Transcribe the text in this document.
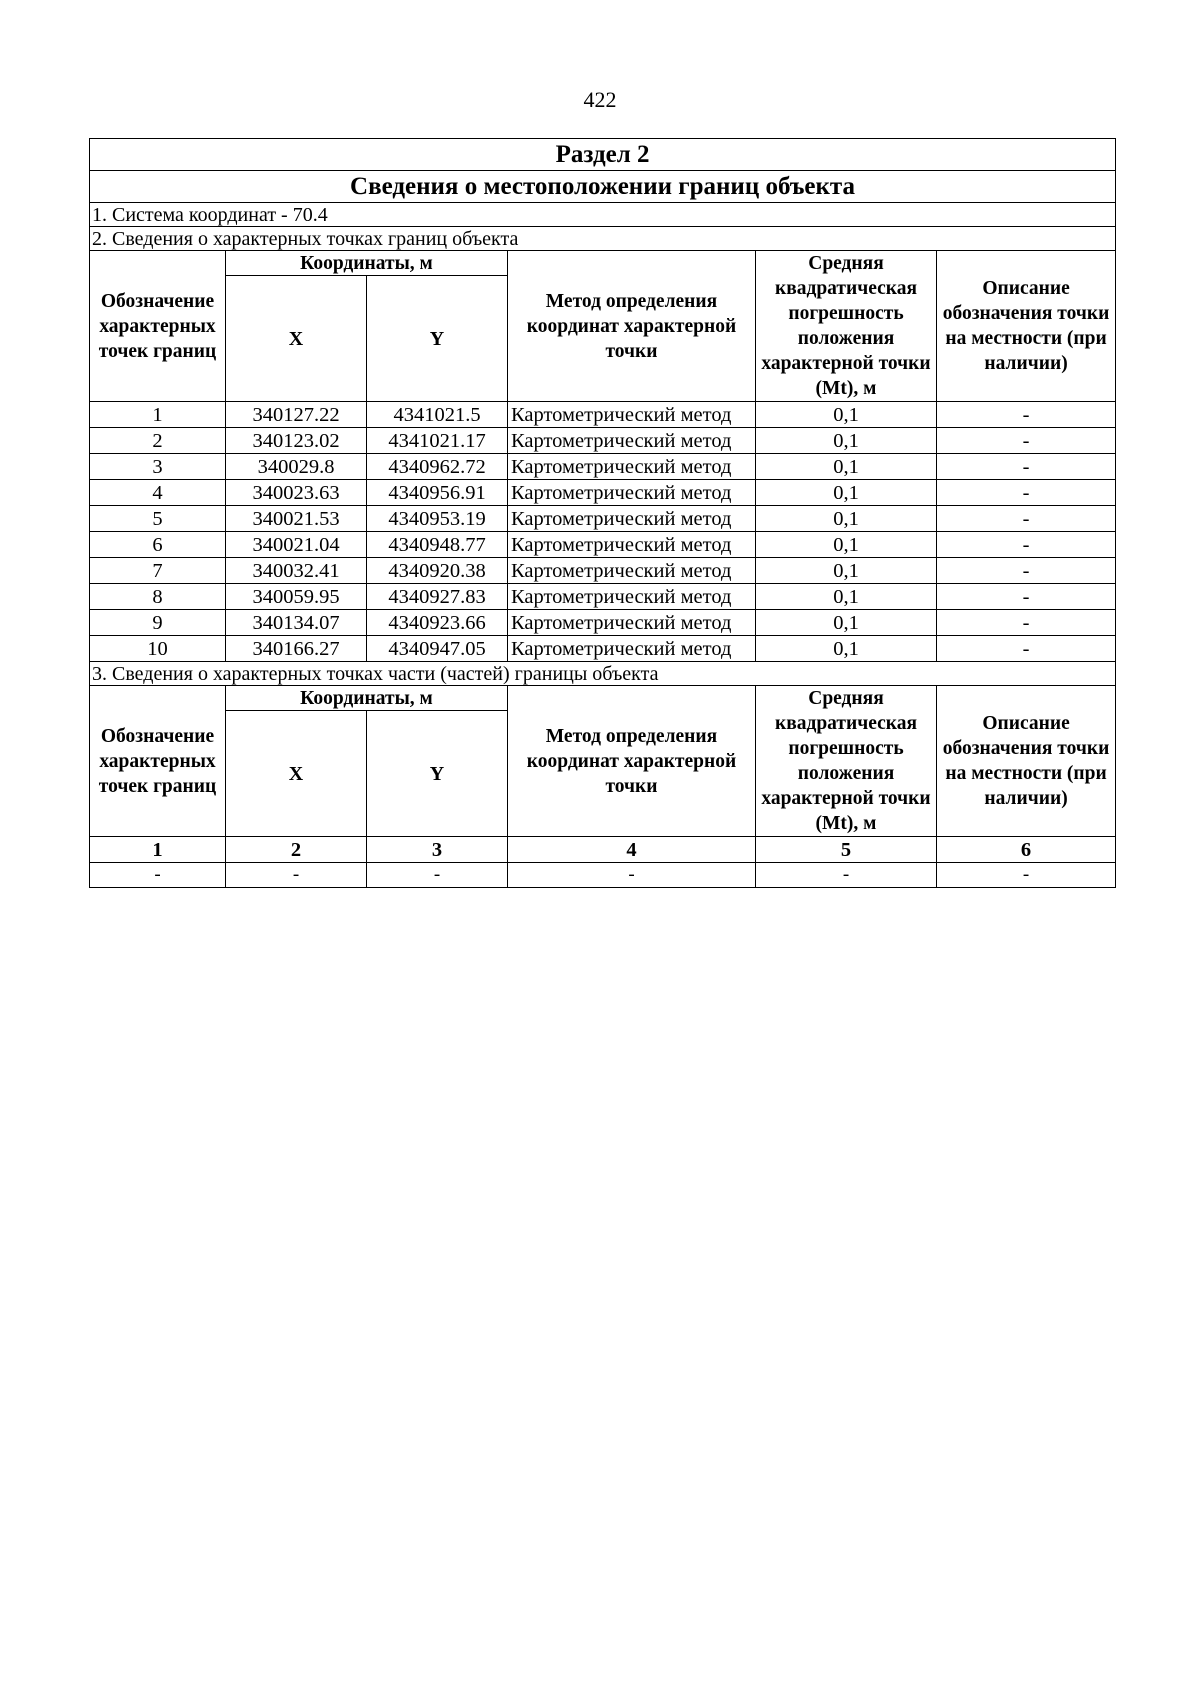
422
Раздел 2					
Сведения о местоположении границ объекта					
1. Система координат - 70.4					
2. Сведения о характерных точках границ объекта					
Обозначение характерных точек границ	Координаты, м		Метод определения координат характерной точки	Средняя квадратическая погрешность положения характерной точки (Mt), м	Описание обозначения точки на местности (при наличии)
	X	Y			
1	340127.22	4341021.5	Картометрический метод	0,1	-
2	340123.02	4341021.17	Картометрический метод	0,1	-
3	340029.8	4340962.72	Картометрический метод	0,1	-
4	340023.63	4340956.91	Картометрический метод	0,1	-
5	340021.53	4340953.19	Картометрический метод	0,1	-
6	340021.04	4340948.77	Картометрический метод	0,1	-
7	340032.41	4340920.38	Картометрический метод	0,1	-
8	340059.95	4340927.83	Картометрический метод	0,1	-
9	340134.07	4340923.66	Картометрический метод	0,1	-
10	340166.27	4340947.05	Картометрический метод	0,1	-
3. Сведения о характерных точках части (частей) границы объекта					
Обозначение характерных точек границ	Координаты, м		Метод определения координат характерной точки	Средняя квадратическая погрешность положения характерной точки (Mt), м	Описание обозначения точки на местности (при наличии)
	X	Y			
1	2	3	4	5	6
-	-	-	-	-	-
